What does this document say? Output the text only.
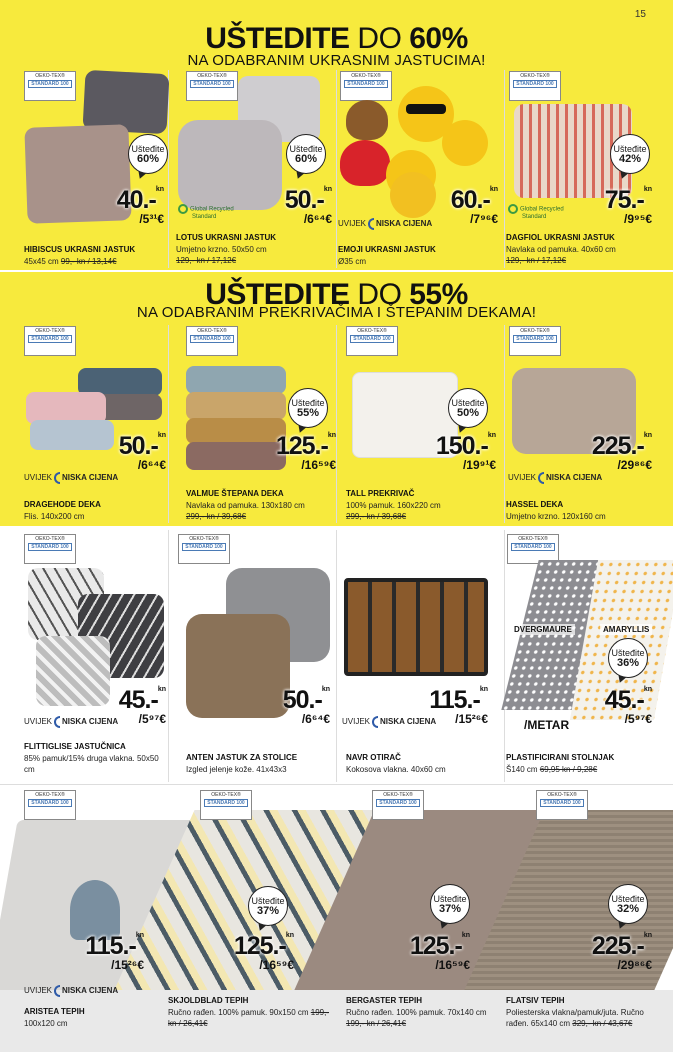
15
UŠTEDITE DO 60%
NA ODABRANIM UKRASNIM JASTUCIMA!
UŠTEDITE DO 55%
NA ODABRANIM PREKRIVAČIMA I ŠTEPANIM DEKAMA!
OEKO-TEX®
STANDARD 100
Ušteđite
60%
40.-$^{kn}$
/5³¹€
HIBISCUS UKRASNI JASTUK
45x45 cm 99,- kn / 13,14€
OEKO-TEX®
STANDARD 100
Ušteđite
60%
Global Recycled
Standard
50.-$^{kn}$
/6⁶⁴€
LOTUS UKRASNI JASTUK
Umjetno krzno. 50x50 cm
129,- kn / 17,12€
OEKO-TEX®
STANDARD 100
UVIJEK NISKA CIJENA
60.-$^{kn}$
/7⁹⁶€
EMOJI UKRASNI JASTUK
Ø35 cm
OEKO-TEX®
STANDARD 100
Ušteđite
42%
Global Recycled
Standard
75.-$^{kn}$
/9⁹⁵€
DAGFIOL UKRASNI JASTUK
Navlaka od pamuka. 40x60 cm
129,- kn / 17,12€
OEKO-TEX®
STANDARD 100
UVIJEK NISKA CIJENA
50.-$^{kn}$
/6⁶⁴€
DRAGEHODE DEKA
Flis. 140x200 cm
OEKO-TEX®
STANDARD 100
Ušteđite
55%
125.-$^{kn}$
/16⁵⁹€
VALMUE ŠTEPANA DEKA
Navlaka od pamuka. 130x180 cm
299,- kn / 39,68€
OEKO-TEX®
STANDARD 100
Ušteđite
50%
150.-$^{kn}$
/19⁹¹€
TALL PREKRIVAČ
100% pamuk. 160x220 cm
299,- kn / 39,68€
OEKO-TEX®
STANDARD 100
UVIJEK NISKA CIJENA
225.-$^{kn}$
/29⁸⁶€
HASSEL DEKA
Umjetno krzno. 120x160 cm
OEKO-TEX®
STANDARD 100
UVIJEK NISKA CIJENA
45.-$^{kn}$
/5⁹⁷€
FLITTIGLISE JASTUČNICA
85% pamuk/15% druga vlakna. 50x50 cm
OEKO-TEX®
STANDARD 100
50.-$^{kn}$
/6⁶⁴€
ANTEN JASTUK ZA STOLICE
Izgled jelenje kože. 41x43x3
UVIJEK NISKA CIJENA
115.-$^{kn}$
/15²⁶€
NAVR OTIRAČ
Kokosova vlakna. 40x60 cm
OEKO-TEX®
STANDARD 100
DVERGMAURE	AMARYLLIS
Ušteđite
36%
45.-$^{kn}$
/5⁹⁷€
/METAR
PLASTIFICIRANI STOLNJAK
Š140 cm 69,95 kn / 9,28€
OEKO-TEX®
STANDARD 100
OEKO-TEX®
STANDARD 100
OEKO-TEX®
STANDARD 100
OEKO-TEX®
STANDARD 100
Ušteđite
37%
Ušteđite
37%
Ušteđite
32%
115.-$^{kn}$
/15²⁶€
125.-$^{kn}$
/16⁵⁹€
125.-$^{kn}$
/16⁵⁹€
225.-$^{kn}$
/29⁸⁶€
UVIJEK NISKA CIJENA
ARISTEA TEPIH
100x120 cm
SKJOLDBLAD TEPIH
Ručno rađen. 100% pamuk. 90x150 cm 199,- kn / 26,41€
BERGASTER TEPIH
Ručno rađen. 100% pamuk. 70x140 cm 199,- kn / 26,41€
FLATSIV TEPIH
Poliesterska vlakna/pamuk/juta. Ručno rađen. 65x140 cm 329,- kn / 43,67€
